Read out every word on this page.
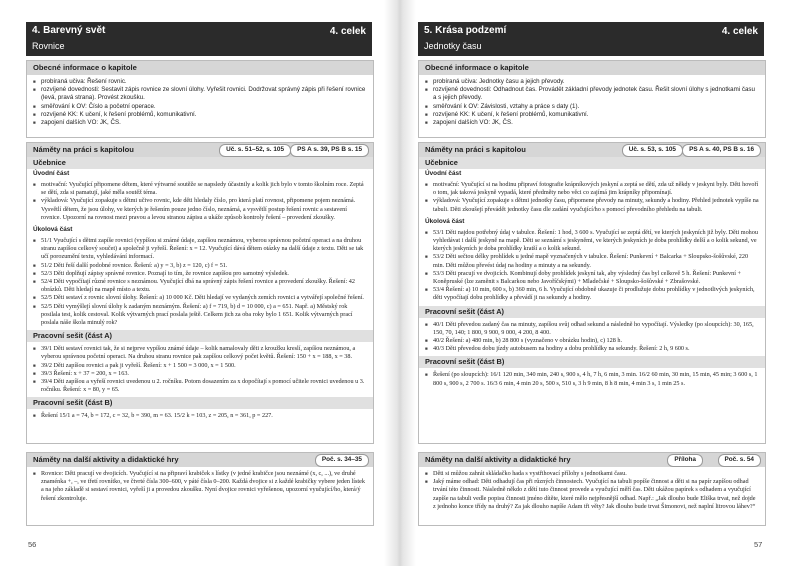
4. Barevný svět
Rovnice
4. celek
Obecné informace o kapitole
■ probíraná učiva: Řešení rovnic.
■ rozvíjené dovednosti: Sestavit zápis rovnice ze slovní úlohy. Vyřešit rovnici. Dodržovat správný zápis při řešení rovnice (levá, pravá strana). Provést zkoušku.
■ směřování k OV: Číslo a početní operace.
■ rozvíjené KK: K učení, k řešení problémů, komunikativní.
■ zapojení dalších VO: JK, ČS.
Náměty na práci s kapitolou	Uč. s. 51–52, s. 105	PS A s. 39, PS B s. 15
Učebnice
Úvodní část
■ motivační: Vyučující připomene dětem, které výtvarné soutěže se napsledy účastnily a kolik jich bylo v tomto školním roce. Zeptá se dětí, zda si pamatují, jaké měla soutěž téma.
■ výkladová: Vyučující zopakuje s dětmi učivo rovnic, kde děti hledaly číslo, pro která platí rovnost, připomene pojem neznámá. Vysvětlí dětem, že jsou úlohy, ve kterých je řešením pouze jedno číslo, neznámá, a vysvětlí postup řešení rovnic a sestavení rovnice. Upozorní na rovnost mezi pravou a levou stranou zápisu a ukáže způsob kontroly řešení – provedení zkoušky.
Úkolová část
■ 51/1 Vyučující s dětmi zapíše rovnici (vypíšou si známé údaje, zapíšou neznámou, vyberou správnou početní operaci a na druhou stranu zapíšou celkový součet) a společně ji vyřeší. Řešení: x = 12. Vyučující dává dětem otázky na další údaje z textu. Děti se tak učí porozumění textu, vyhledávání informací.
■ 51/2 Děti řeší další podobné rovnice. Řešení: a) y = 3, b) z = 120, c) f = 51.
■ 52/3 Děti doplňují zápisy správné rovnice. Poznají to tím, že rovnice zapíšou pro samotný výsledek.
■ 52/4 Děti vypočítají různé rovnice s neznámou. Vyučující dbá na správný zápis řešení rovnice a provedení zkoušky. Řešení: 42 obrázků. Děti hledají na mapě místo a textu.
■ 52/5 Děti sestaví z rovnic slovní úlohy. Řešení: a) 10 000 Kč. Děti hledají ve vydaných zemích rovnici a vytvářejí společné řešení.
■ 52/5 Děti vymýšlejí slovní úlohy k zadaným neznámým. Řešení: a) f = 719, b) d = 10 000, c) a = 651. Např. a) Městský rok posilala test, kolik cestoval. Kolik výtvarných prací poslala ještě. Celkem jich za oba roky bylo 1 651. Kolik výtvarných prací poslala náše škola minulý rok?
Pracovní sešit (část A)
■ 39/1 Děti sestaví rovnici tak, že si nejprve vypíšou známé údaje – kolik namalovaly děti z kroužku kreslí, zapíšou neznámou, a vyberou správnou početní operaci. Na druhou stranu rovnice pak zapíšou celkový počet květů. Řešení: 150 + x = 188, x = 38.
■ 39/2 Děti zapíšou rovnici a pak ji vyřeší. Řešení: x + 1 500 = 3 000, x = 1 500.
■ 39/3 Řešení: x + 37 = 200, x = 163.
■ 39/4 Děti zapíšou a vyřeší rovnici uvedenou u 2. ročníku. Potom dosazením za x dopočítají s pomocí učitele rovnici uvedenou u 3. ročníku. Řešení: x = 80, y = 65.
Pracovní sešit (část B)
■ Řešení 15/1 a = 74, b = 172, c = 32, b = 390, m = 63. 15/2 k = 103, z = 205, n = 361, p = 227.
Náměty na další aktivity a didaktické hry	Poč. s. 34–35
■ Rovnice: Děti pracují ve dvojicích. Vyučující si na připraví krabiček s lístky (v jedné krabičce jsou neznámé (x, c, ...), ve druhé znaménka +, –, ve třetí rovnítko, ve čtvrté čísla 300–600, v páté čísla 0–200. Každá dvojice si z každé krabičky vybere jeden lístek a na jeho základě si sestaví rovnici, vyřeší ji a provedou zkoušku. Nyní dvojice rovnici vyřešenou, upozorní vyučující/ho, která/ý řešení zkontroluje.
56
5. Krása podzemí
Jednotky času
4. celek
Obecné informace o kapitole
■ probíraná učiva: Jednotky času a jejich převody.
■ rozvíjené dovednosti: Odhadnout čas. Provádět základní převody jednotek času. Řešit slovní úlohy s jednotkami času a s jejich převody.
■ směřování k OV: Závislosti, vztahy a práce s daty (1).
■ rozvíjené KK: K učení, k řešení problémů, komunikativní.
■ zapojení dalších VO: JK, ČS.
Náměty na práci s kapitolou	Uč. s. 53, s. 105	PS A s. 40, PS B s. 16
Učebnice
Úvodní část
■ motivační: Vyučující si na hodinu připraví fotografie krápníkových jeskyní a zeptá se dětí, zda už někdy v jeskyni byly. Děti hovoří o tom, jak taková jeskyně vypadá, které předměty nebo věci co zajímá jim krápníky připomínají.
■ výkladová: Vyučující zopakuje s dětmi jednotky času, připomene převody na minuty, sekundy a hodiny. Přehled jednotek vypíše na tabuli. Děti zkoušejí převádět jednotky času dle zadání vyučující/ho s pomocí převodního přehledu na tabuli.
Úkolová část
■ 53/1 Děti najdou potřebný údaj v tabulce. Řešení: 1 hod, 3 600 s. Vyučující se zeptá dětí, ve kterých jeskyních již byly. Děti mohou vyhledávat i další jeskyně na mapě. Děti se seznámí s jeskyněmi, ve kterých jeskyních je doba prohlídky delší a o kolik sekund, ve kterých jeskyních je doba prohlídky kratší a o kolik sekund.
■ 53/2 Děti sečtou délky prohlídek u jedné mapě vyznačených v tabulce. Řešení: Punkevní + Balcarka + Sloupsko-šošůvské, 220 min. Děti můžou převést údaj na hodiny a minuty a na sekundy.
■ 53/3 Děti pracují ve dvojicích. Kombinují doby prohlídek jeskyní tak, aby výsledný čas byl celkově 5 h. Řešení: Punkevní + Koněpruské (lze zaměnit s Balcarkou nebo Javoříčskými) + Mladečské + Sloupsko-šošůvské + Zbrašovské.
■ 53/4 Řešení: a) 10 min, 600 s, b) 360 min, 6 h. Vyučující obdobně ukazuje či prodlužuje dobu prohlídky v jednotlivých jeskyních, děti vypočítají dobu prohlídky a převádí ji na sekundy a hodiny.
Pracovní sešit (část A)
■ 40/1 Děti převedou zadaný čas na minuty, zapíšou svůj odhad sekund a následně ho vypočítají. Výsledky (po sloupcích): 30, 165, 150, 70, 140; 1 800, 9 900, 9 000, 4 200, 8 400.
■ 40/2 Řešení: a) 480 min, b) 28 800 s (vyznačeno v obrázku hodin), c) 128 h.
■ 40/3 Děti převedou dobu jízdy autobusem na hodiny a dobu prohlídky na sekundy. Řešení: 2 h, 9 600 s.
Pracovní sešit (část B)
■ Řešení (po sloupcích): 16/1 120 min, 340 min, 240 s, 900 s, 4 h, 7 h, 6 min, 3 min. 16/2 60 min, 30 min, 15 min, 45 min; 3 600 s, 1 800 s, 900 s, 2 700 s. 16/3 6 min, 4 min 20 s, 500 s, 510 s, 3 h 9 min, 8 h 8 min, 4 min 3 s, 1 min 25 s.
Náměty na další aktivity a didaktické hry	Příloha	Poč. s. 54
■ Děti si můžou zahrát skládačko hada s vystřihovací přílohy s jednotkami času.
■ Jaký máme odhad: Děti odhadují čas při různých činnostech. Vyučující na tabuli popíše činnost a děti si na papír zapíšou odhad trvání této činnosti. Následně někdo z dětí tuto činnost provede a vyučující měří čas. Děti ukážou papírek s odhadem a vyučující zapíše na tabuli vedle popisu činnosti jméno dítěte, které mělo nejpřesnější odhad. Např.: „Jak dlouho bude Eliška trvat, než dojde z jednoho konce třídy na druhý? Za jak dlouho napíše Adam tři věty? Jak dlouho bude trvat Šimonovi, než naplní litrovou láhev?“
57
